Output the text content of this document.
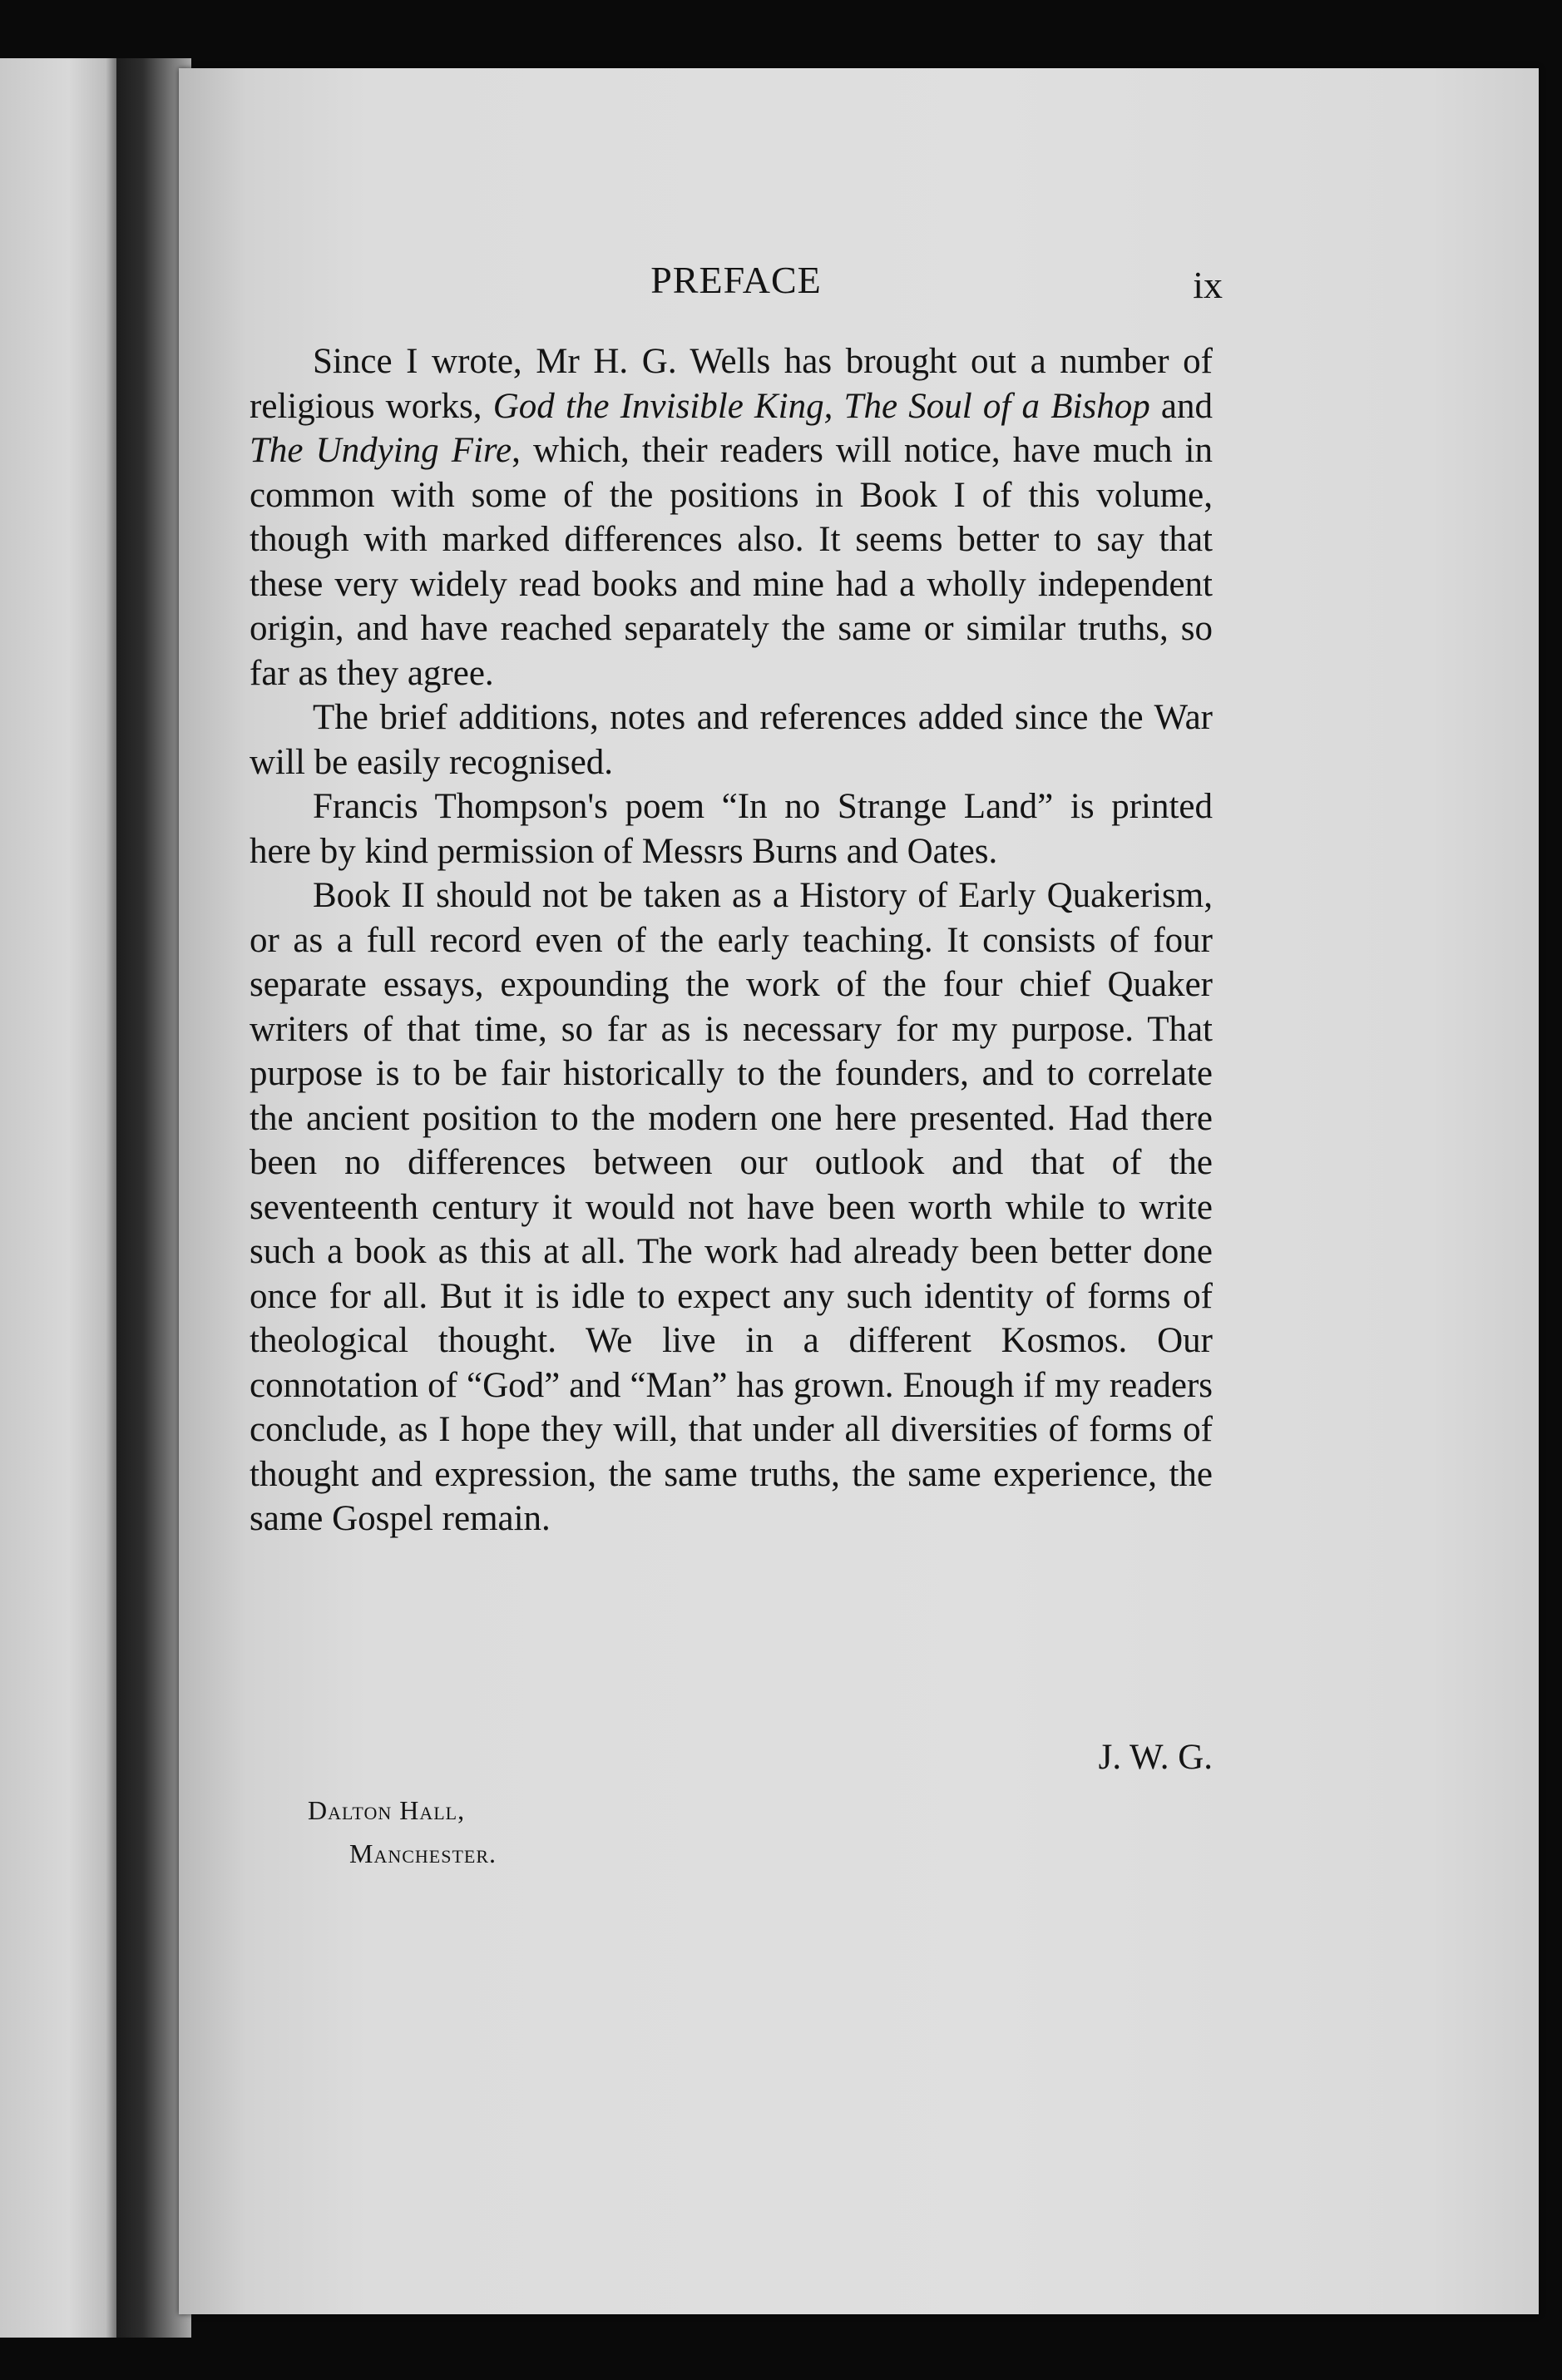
PREFACE	ix

Since I wrote, Mr H. G. Wells has brought out a number of religious works, God the Invisible King, The Soul of a Bishop and The Undying Fire, which, their readers will notice, have much in common with some of the positions in Book I of this volume, though with marked differences also. It seems better to say that these very widely read books and mine had a wholly independent origin, and have reached separately the same or similar truths, so far as they agree.

The brief additions, notes and references added since the War will be easily recognised.

Francis Thompson's poem “In no Strange Land” is printed here by kind permission of Messrs Burns and Oates.

Book II should not be taken as a History of Early Quakerism, or as a full record even of the early teaching. It consists of four separate essays, expounding the work of the four chief Quaker writers of that time, so far as is necessary for my purpose. That purpose is to be fair historically to the founders, and to correlate the ancient position to the modern one here presented. Had there been no differences between our outlook and that of the seventeenth century it would not have been worth while to write such a book as this at all. The work had already been better done once for all. But it is idle to expect any such identity of forms of theological thought. We live in a different Kosmos. Our connotation of “God” and “Man” has grown. Enough if my readers conclude, as I hope they will, that under all diversities of forms of thought and expression, the same truths, the same experience, the same Gospel remain.

J. W. G.
Dalton Hall,
Manchester.
